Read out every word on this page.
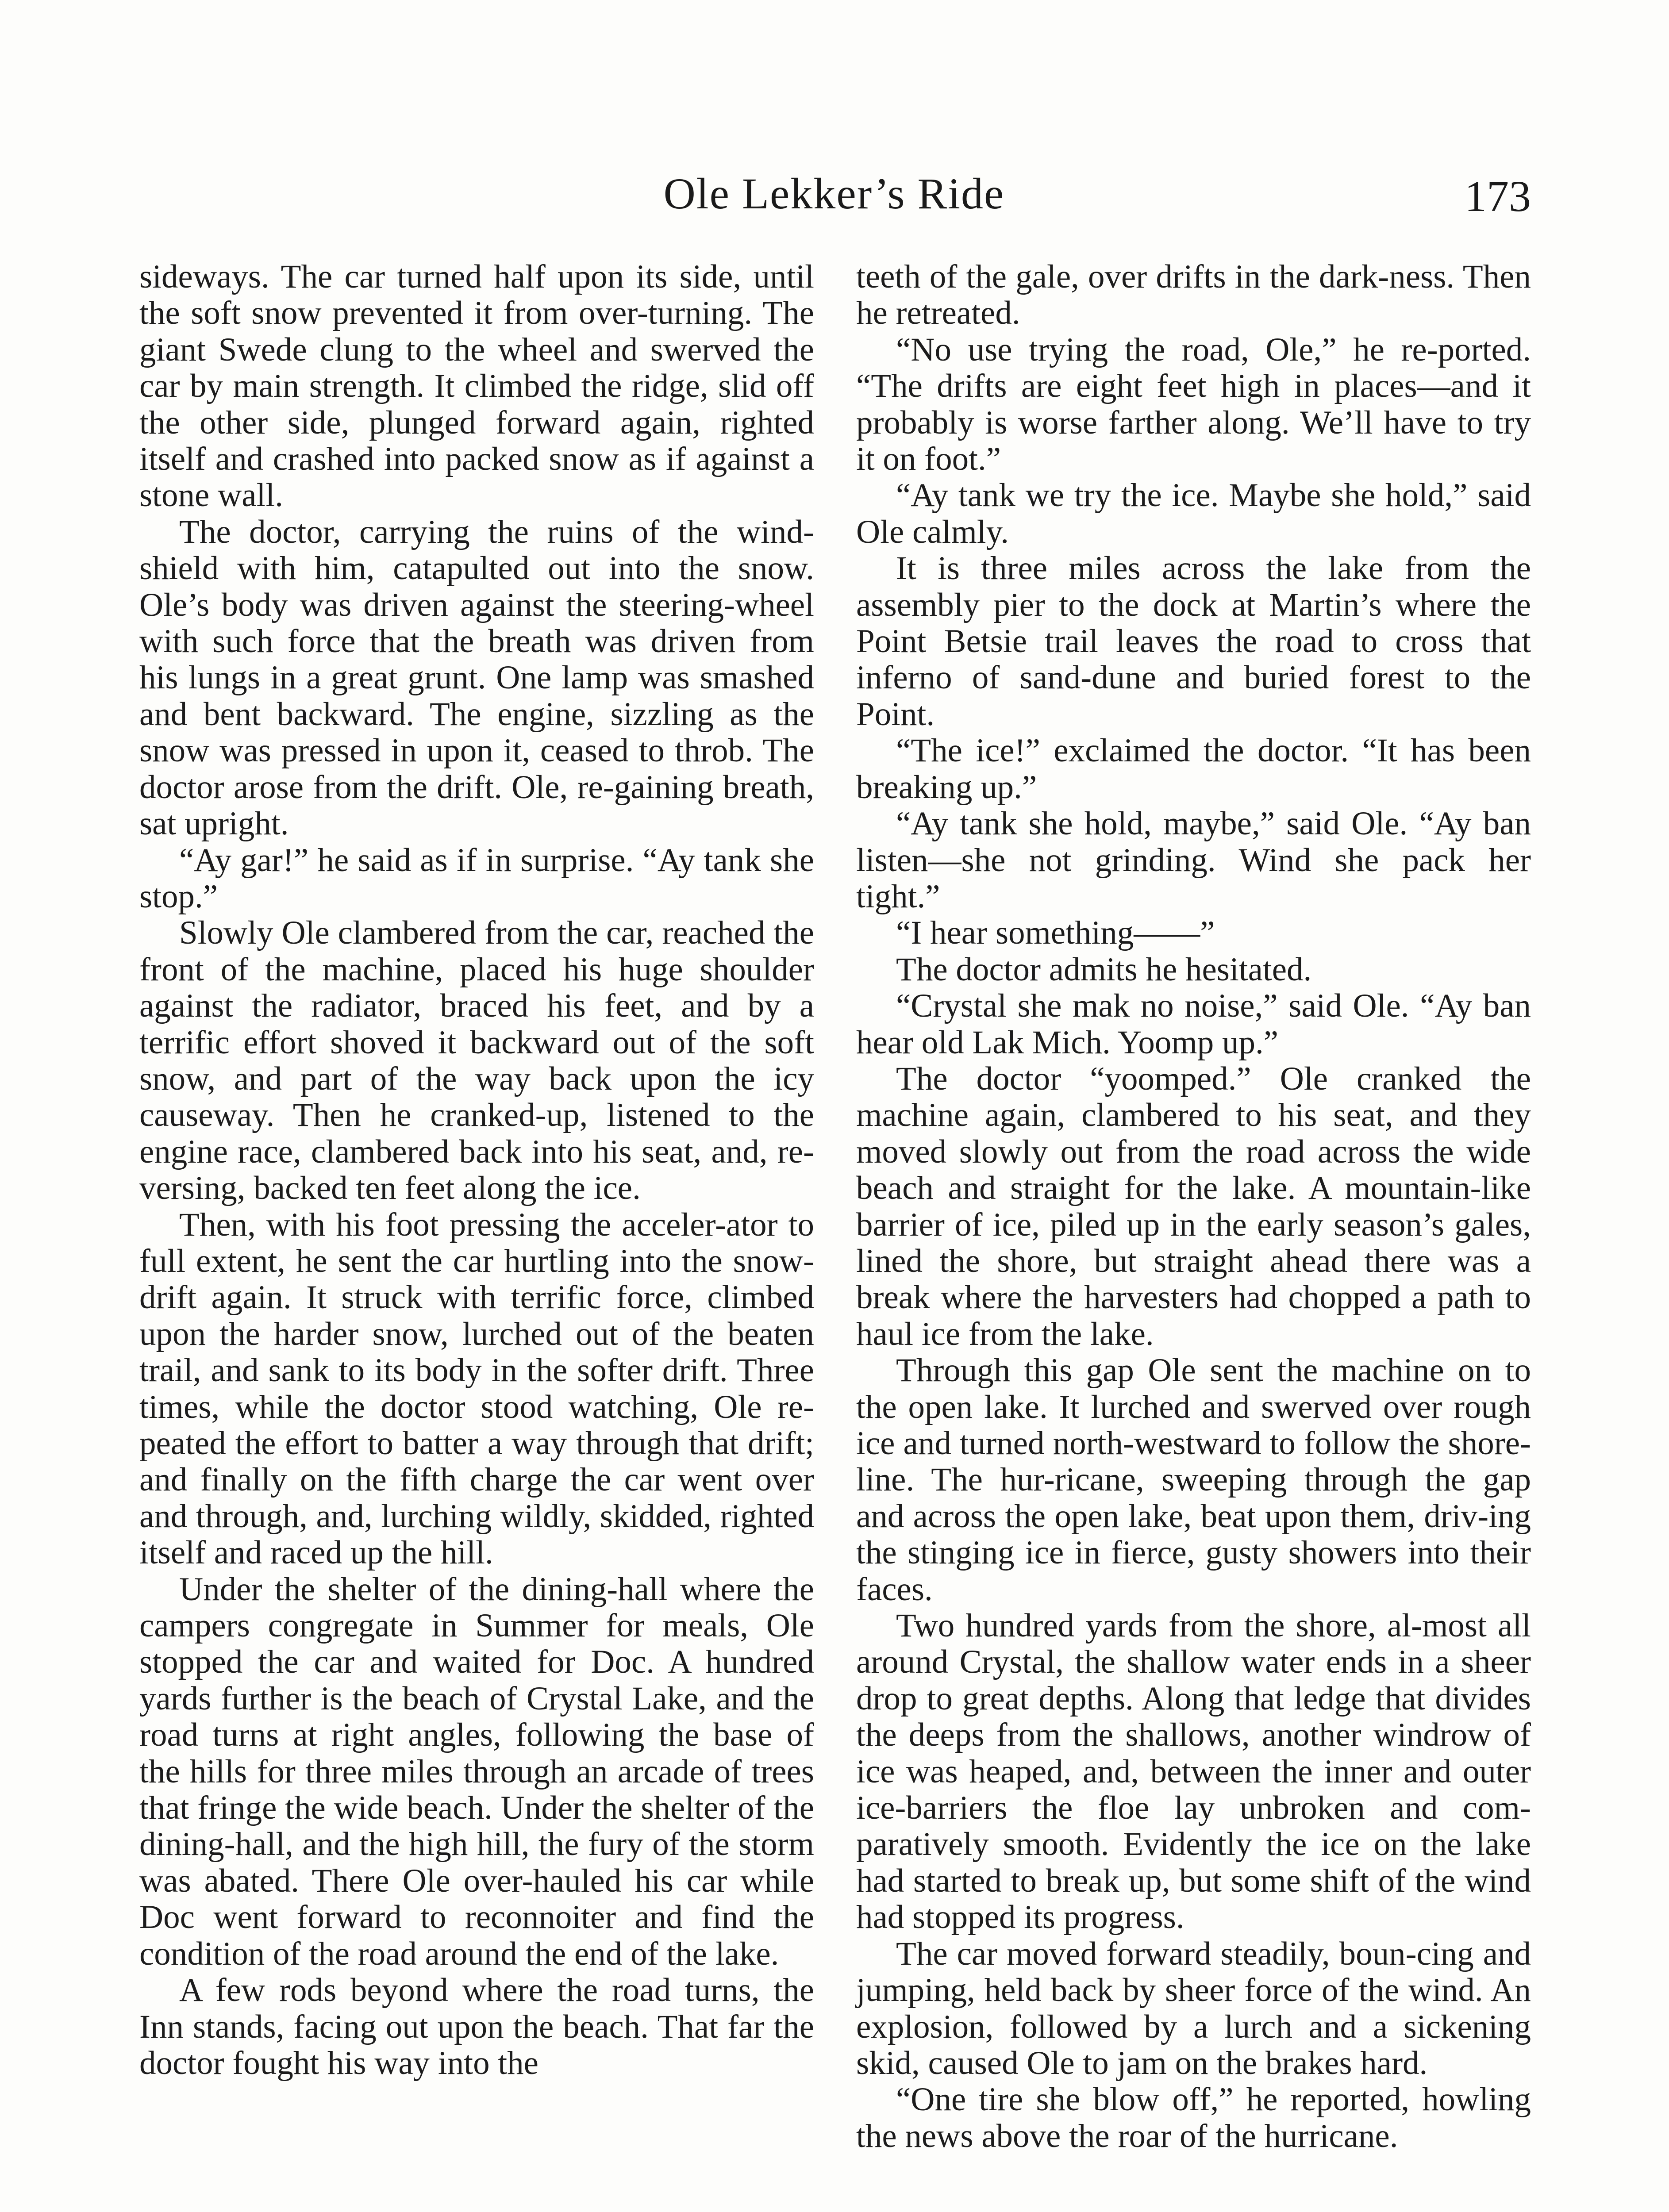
Ole Lekker’s Ride	173

sideways. The car turned half upon its side, until the soft snow prevented it from over-turning. The giant Swede clung to the wheel and swerved the car by main strength. It climbed the ridge, slid off the other side, plunged forward again, righted itself and crashed into packed snow as if against a stone wall.

The doctor, carrying the ruins of the wind-shield with him, catapulted out into the snow. Ole’s body was driven against the steering-wheel with such force that the breath was driven from his lungs in a great grunt. One lamp was smashed and bent backward. The engine, sizzling as the snow was pressed in upon it, ceased to throb. The doctor arose from the drift. Ole, re-gaining breath, sat upright.

“Ay gar!” he said as if in surprise. “Ay tank she stop.”

Slowly Ole clambered from the car, reached the front of the machine, placed his huge shoulder against the radiator, braced his feet, and by a terrific effort shoved it backward out of the soft snow, and part of the way back upon the icy causeway. Then he cranked-up, listened to the engine race, clambered back into his seat, and, re-versing, backed ten feet along the ice.

Then, with his foot pressing the acceler-ator to full extent, he sent the car hurtling into the snow-drift again. It struck with terrific force, climbed upon the harder snow, lurched out of the beaten trail, and sank to its body in the softer drift. Three times, while the doctor stood watching, Ole re-peated the effort to batter a way through that drift; and finally on the fifth charge the car went over and through, and, lurching wildly, skidded, righted itself and raced up the hill.

Under the shelter of the dining-hall where the campers congregate in Summer for meals, Ole stopped the car and waited for Doc. A hundred yards further is the beach of Crystal Lake, and the road turns at right angles, following the base of the hills for three miles through an arcade of trees that fringe the wide beach. Under the shelter of the dining-hall, and the high hill, the fury of the storm was abated. There Ole over-hauled his car while Doc went forward to reconnoiter and find the condition of the road around the end of the lake.

A few rods beyond where the road turns, the Inn stands, facing out upon the beach. That far the doctor fought his way into the

teeth of the gale, over drifts in the dark-ness. Then he retreated.

“No use trying the road, Ole,” he re-ported. “The drifts are eight feet high in places—and it probably is worse farther along. We’ll have to try it on foot.”

“Ay tank we try the ice. Maybe she hold,” said Ole calmly.

It is three miles across the lake from the assembly pier to the dock at Martin’s where the Point Betsie trail leaves the road to cross that inferno of sand-dune and buried forest to the Point.

“The ice!” exclaimed the doctor. “It has been breaking up.”

“Ay tank she hold, maybe,” said Ole. “Ay ban listen—she not grinding. Wind she pack her tight.”

“I hear something——”

The doctor admits he hesitated.

“Crystal she mak no noise,” said Ole. “Ay ban hear old Lak Mich. Yoomp up.”

The doctor “yoomped.” Ole cranked the machine again, clambered to his seat, and they moved slowly out from the road across the wide beach and straight for the lake. A mountain-like barrier of ice, piled up in the early season’s gales, lined the shore, but straight ahead there was a break where the harvesters had chopped a path to haul ice from the lake.

Through this gap Ole sent the machine on to the open lake. It lurched and swerved over rough ice and turned north-westward to follow the shore-line. The hur-ricane, sweeping through the gap and across the open lake, beat upon them, driv-ing the stinging ice in fierce, gusty showers into their faces.

Two hundred yards from the shore, al-most all around Crystal, the shallow water ends in a sheer drop to great depths. Along that ledge that divides the deeps from the shallows, another windrow of ice was heaped, and, between the inner and outer ice-barriers the floe lay unbroken and com-paratively smooth. Evidently the ice on the lake had started to break up, but some shift of the wind had stopped its progress.

The car moved forward steadily, boun-cing and jumping, held back by sheer force of the wind. An explosion, followed by a lurch and a sickening skid, caused Ole to jam on the brakes hard.

“One tire she blow off,” he reported, howling the news above the roar of the hurricane.
